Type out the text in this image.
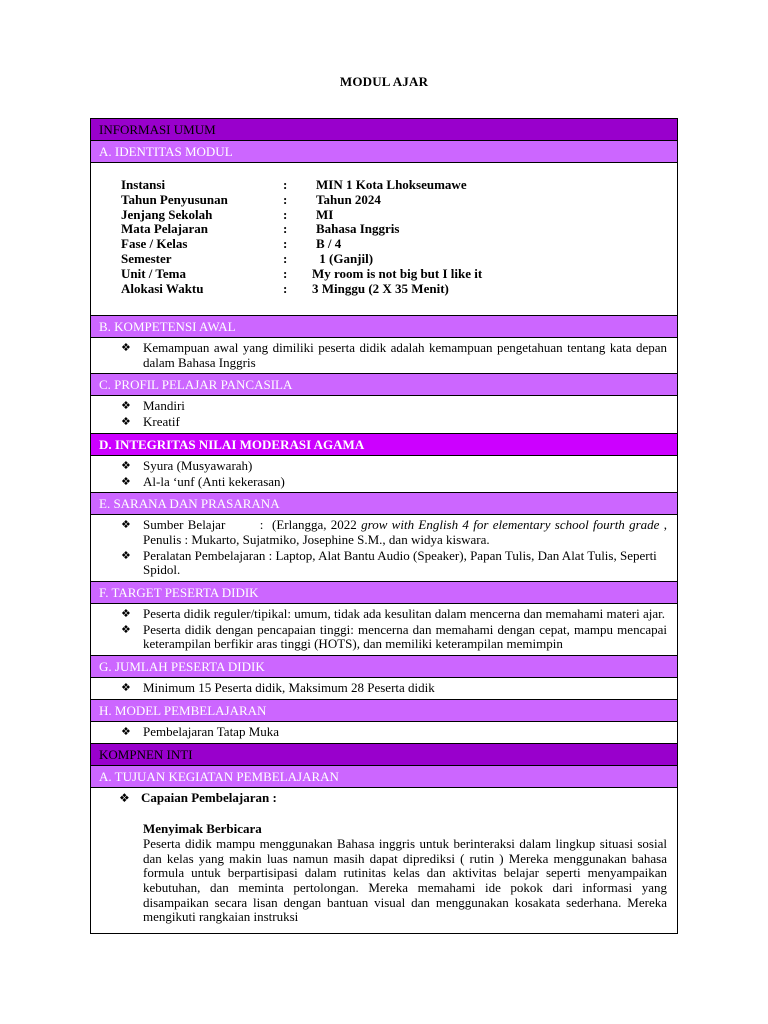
MODUL AJAR
INFORMASI UMUM
A. IDENTITAS MODUL
Instansi	:	MIN 1 Kota Lhokseumawe
Tahun Penyusunan	:	Tahun 2024
Jenjang Sekolah	:	MI
Mata Pelajaran	:	Bahasa Inggris
Fase / Kelas	:	B / 4
Semester	:	1 (Ganjil)
Unit / Tema	:	My room is not big but I like it
Alokasi Waktu	:	3 Minggu (2 X 35 Menit)
B. KOMPETENSI AWAL
❖ Kemampuan awal yang dimiliki peserta didik adalah kemampuan pengetahuan tentang kata depan dalam Bahasa Inggris
C. PROFIL PELAJAR PANCASILA
❖ Mandiri
❖ Kreatif
D. INTEGRITAS NILAI MODERASI AGAMA
❖ Syura (Musyawarah)
❖ Al-la ‘unf (Anti kekerasan)
E. SARANA DAN PRASARANA
❖ Sumber Belajar        :  (Erlangga, 2022 grow with English 4 for elementary school fourth grade , Penulis : Mukarto, Sujatmiko, Josephine S.M., dan widya kiswara.
❖ Peralatan Pembelajaran : Laptop, Alat Bantu Audio (Speaker), Papan Tulis, Dan Alat Tulis, Seperti Spidol.
F. TARGET PESERTA DIDIK
❖ Peserta didik reguler/tipikal: umum, tidak ada kesulitan dalam mencerna dan memahami materi ajar.
❖ Peserta didik dengan pencapaian tinggi: mencerna dan memahami dengan cepat, mampu mencapai keterampilan berfikir aras tinggi (HOTS), dan memiliki keterampilan memimpin
G. JUMLAH PESERTA DIDIK
❖ Minimum 15 Peserta didik, Maksimum 28 Peserta didik
H. MODEL PEMBELAJARAN
❖ Pembelajaran Tatap Muka
KOMPNEN INTI
A. TUJUAN KEGIATAN PEMBELAJARAN
❖ Capaian Pembelajaran :
Menyimak Berbicara
Peserta didik mampu menggunakan Bahasa inggris untuk berinteraksi dalam lingkup situasi sosial dan kelas yang makin luas namun masih dapat diprediksi ( rutin ) Mereka menggunakan bahasa formula untuk berpartisipasi dalam rutinitas kelas dan aktivitas belajar seperti menyampaikan kebutuhan, dan meminta pertolongan. Mereka memahami ide pokok dari informasi yang disampaikan secara lisan dengan bantuan visual dan menggunakan kosakata sederhana. Mereka mengikuti rangkaian instruksi
